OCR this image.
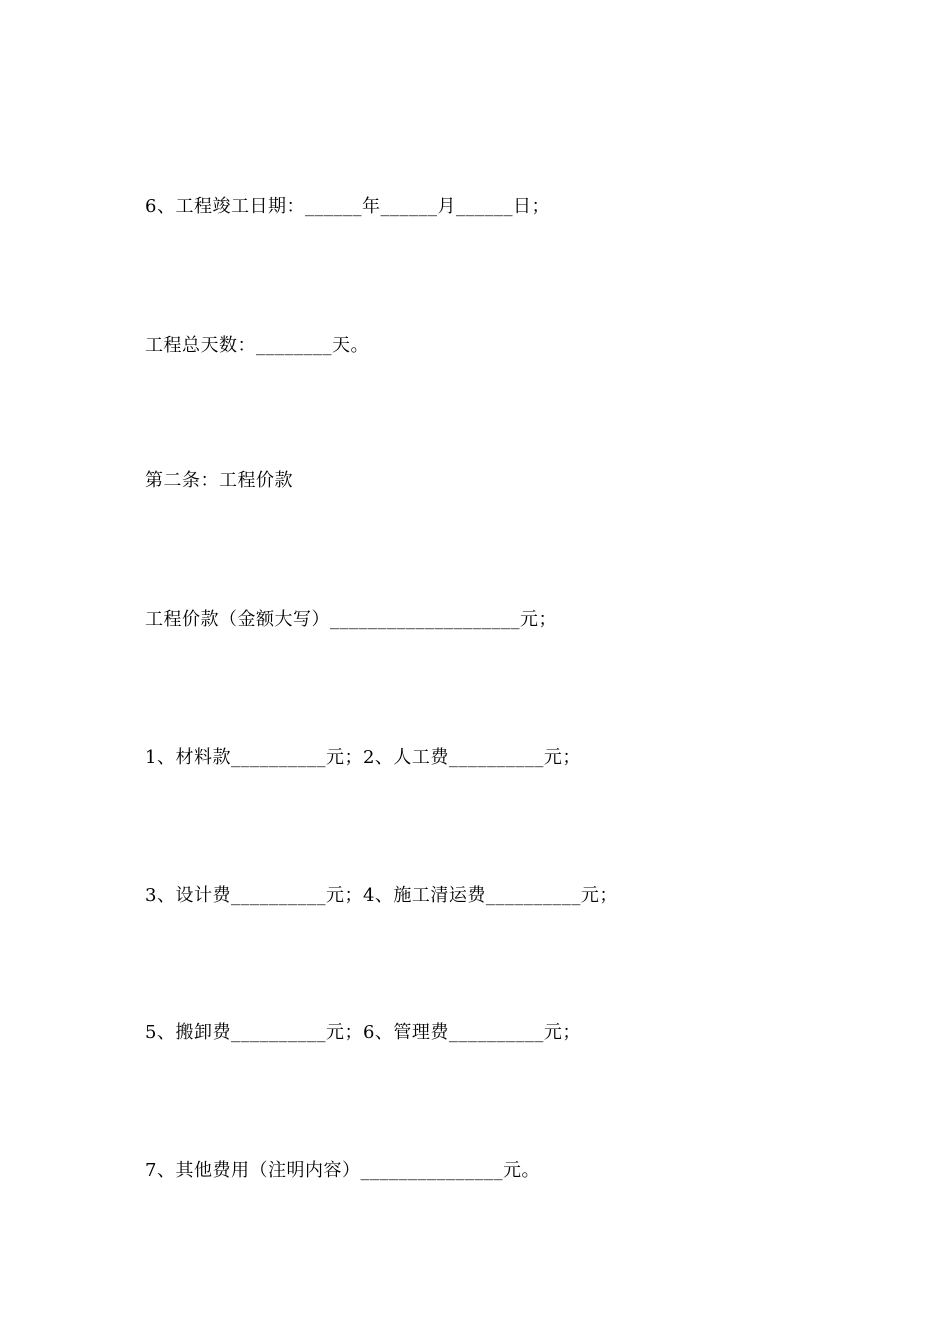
6、工程竣工日期：______年______月______日；
工程总天数：________天。
第二条：工程价款
工程价款（金额大写）____________________元；
1、材料款__________元；2、人工费__________元；
3、设计费__________元；4、施工清运费__________元；
5、搬卸费__________元；6、管理费__________元；
7、其他费用（注明内容）_______________元。
